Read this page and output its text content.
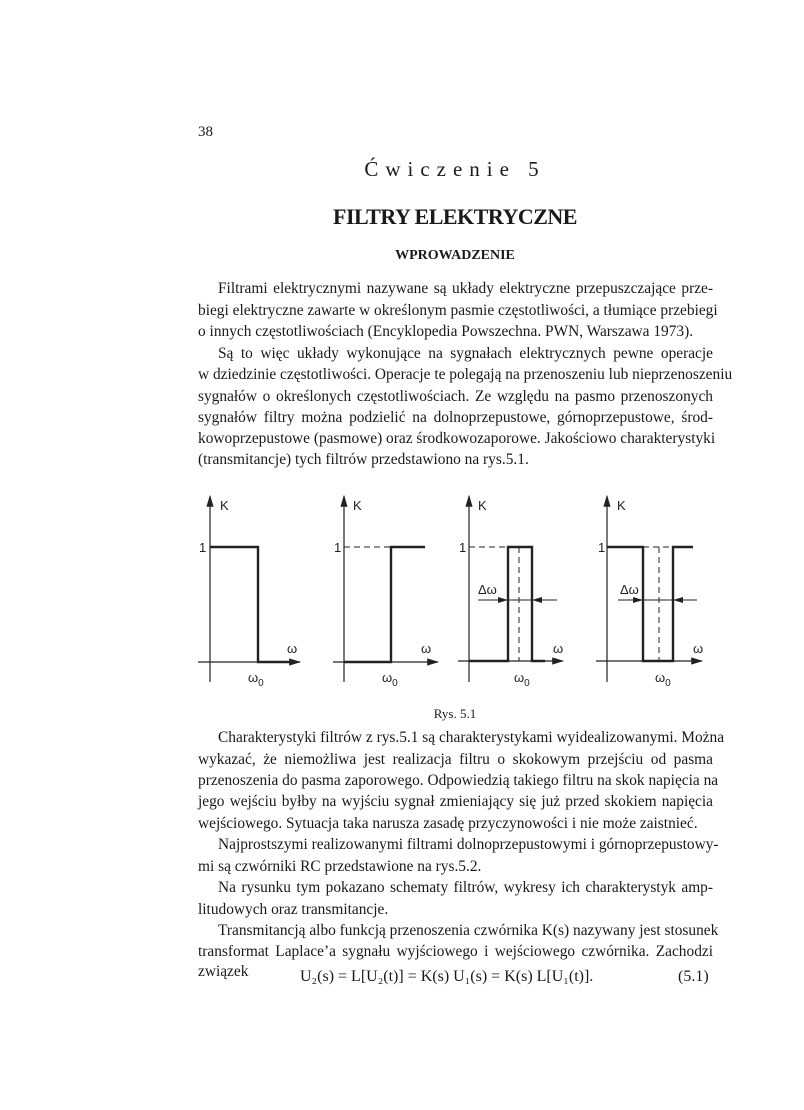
38
Ćwiczenie 5
FILTRY ELEKTRYCZNE
WPROWADZENIE
Filtrami elektrycznymi nazywane są układy elektryczne przepuszczające prze-
biegi elektryczne zawarte w określonym pasmie częstotliwości, a tłumiące przebiegi
o innych częstotliwościach (Encyklopedia Powszechna. PWN, Warszawa 1973).
Są to więc układy wykonujące na sygnałach elektrycznych pewne operacje
w dziedzinie częstotliwości. Operacje te polegają na przenoszeniu lub nieprzenoszeniu
sygnałów o określonych częstotliwościach. Ze względu na pasmo przenoszonych
sygnałów filtry można podzielić na dolnoprzepustowe, górnoprzepustowe, środ-
kowoprzepustowe (pasmowe) oraz środkowozaporowe. Jakościowo charakterystyki
(transmitancje) tych filtrów przedstawiono na rys.5.1.
K
1
ω
$\omega_0$
K
1
ω
$\omega_0$
K
1
Δω
ω
$\omega_0$
K
1
Δω
ω
$\omega_0$
Rys. 5.1
Charakterystyki filtrów z rys.5.1 są charakterystykami wyidealizowanymi. Można
wykazać, że niemożliwa jest realizacja filtru o skokowym przejściu od pasma
przenoszenia do pasma zaporowego. Odpowiedzią takiego filtru na skok napięcia na
jego wejściu byłby na wyjściu sygnał zmieniający się już przed skokiem napięcia
wejściowego. Sytuacja taka narusza zasadę przyczynowości i nie może zaistnieć.
Najprostszymi realizowanymi filtrami dolnoprzepustowymi i górnoprzepustowy-
mi są czwórniki RC przedstawione na rys.5.2.
Na rysunku tym pokazano schematy filtrów, wykresy ich charakterystyk amp-
litudowych oraz transmitancje.
Transmitancją albo funkcją przenoszenia czwórnika K(s) nazywany jest stosunek
transformat Laplace’a sygnału wyjściowego i wejściowego czwórnika. Zachodzi
związek	U₂(s) = L[U₂(t)] = K(s) U₁(s) = K(s) L[U₁(t)].	(5.1)
